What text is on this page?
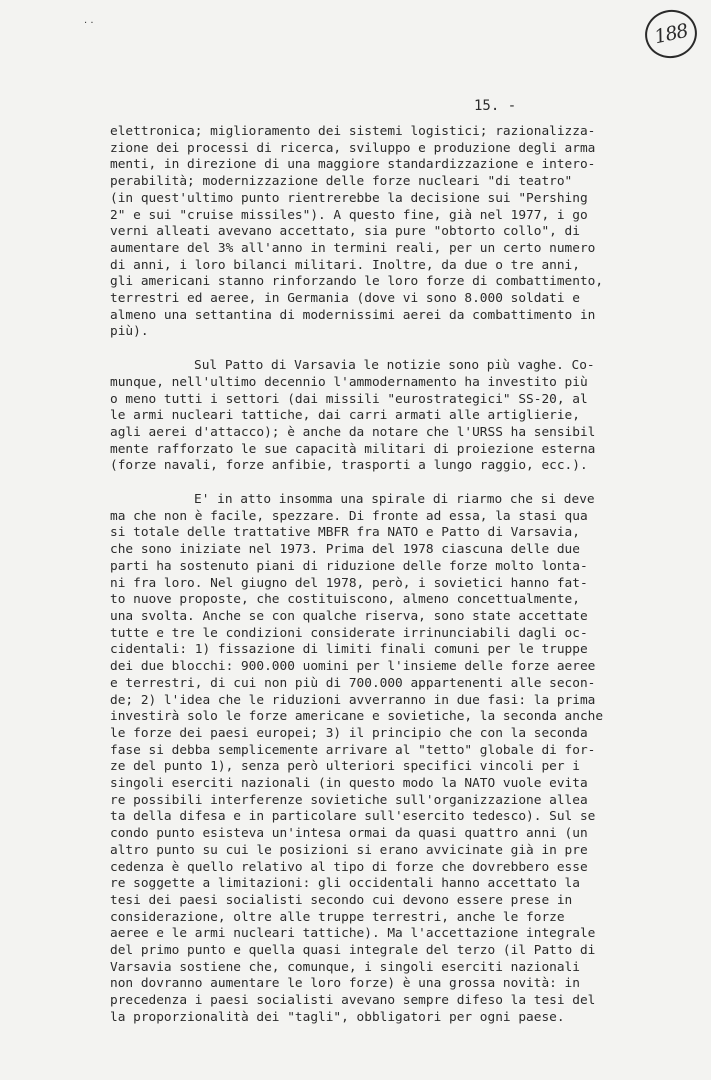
· ·	188
15. -
elettronica; miglioramento dei sistemi logistici; razionalizza-
zione dei processi di ricerca, sviluppo e produzione degli arma
menti, in direzione di una maggiore standardizzazione e intero-
perabilità; modernizzazione delle forze nucleari "di teatro"
(in quest'ultimo punto rientrerebbe la decisione sui "Pershing
2" e sui "cruise missiles"). A questo fine, già nel 1977, i go
verni alleati avevano accettato, sia pure "obtorto collo", di
aumentare del 3% all'anno in termini reali, per un certo numero
di anni, i loro bilanci militari. Inoltre, da due o tre anni,
gli americani stanno rinforzando le loro forze di combattimento,
terrestri ed aeree, in Germania (dove vi sono 8.000 soldati e
almeno una settantina di modernissimi aerei da combattimento in
più).
Sul Patto di Varsavia le notizie sono più vaghe. Co-
munque, nell'ultimo decennio l'ammodernamento ha investito più
o meno tutti i settori (dai missili "eurostrategici" SS-20, al
le armi nucleari tattiche, dai carri armati alle artiglierie,
agli aerei d'attacco); è anche da notare che l'URSS ha sensibil
mente rafforzato le sue capacità militari di proiezione esterna
(forze navali, forze anfibie, trasporti a lungo raggio, ecc.).
E' in atto insomma una spirale di riarmo che si deve
ma che non è facile, spezzare. Di fronte ad essa, la stasi qua
si totale delle trattative MBFR fra NATO e Patto di Varsavia,
che sono iniziate nel 1973. Prima del 1978 ciascuna delle due
parti ha sostenuto piani di riduzione delle forze molto lonta-
ni fra loro. Nel giugno del 1978, però, i sovietici hanno fat-
to nuove proposte, che costituiscono, almeno concettualmente,
una svolta. Anche se con qualche riserva, sono state accettate
tutte e tre le condizioni considerate irrinunciabili dagli oc-
cidentali: 1) fissazione di limiti finali comuni per le truppe
dei due blocchi: 900.000 uomini per l'insieme delle forze aeree
e terrestri, di cui non più di 700.000 appartenenti alle secon-
de; 2) l'idea che le riduzioni avverranno in due fasi: la prima
investirà solo le forze americane e sovietiche, la seconda anche
le forze dei paesi europei; 3) il principio che con la seconda
fase si debba semplicemente arrivare al "tetto" globale di for-
ze del punto 1), senza però ulteriori specifici vincoli per i
singoli eserciti nazionali (in questo modo la NATO vuole evita
re possibili interferenze sovietiche sull'organizzazione allea
ta della difesa e in particolare sull'esercito tedesco). Sul se
condo punto esisteva un'intesa ormai da quasi quattro anni (un
altro punto su cui le posizioni si erano avvicinate già in pre
cedenza è quello relativo al tipo di forze che dovrebbero esse
re soggette a limitazioni: gli occidentali hanno accettato la
tesi dei paesi socialisti secondo cui devono essere prese in
considerazione, oltre alle truppe terrestri, anche le forze
aeree e le armi nucleari tattiche). Ma l'accettazione integrale
del primo punto e quella quasi integrale del terzo (il Patto di
Varsavia sostiene che, comunque, i singoli eserciti nazionali
non dovranno aumentare le loro forze) è una grossa novità: in
precedenza i paesi socialisti avevano sempre difeso la tesi del
la proporzionalità dei "tagli", obbligatori per ogni paese.
